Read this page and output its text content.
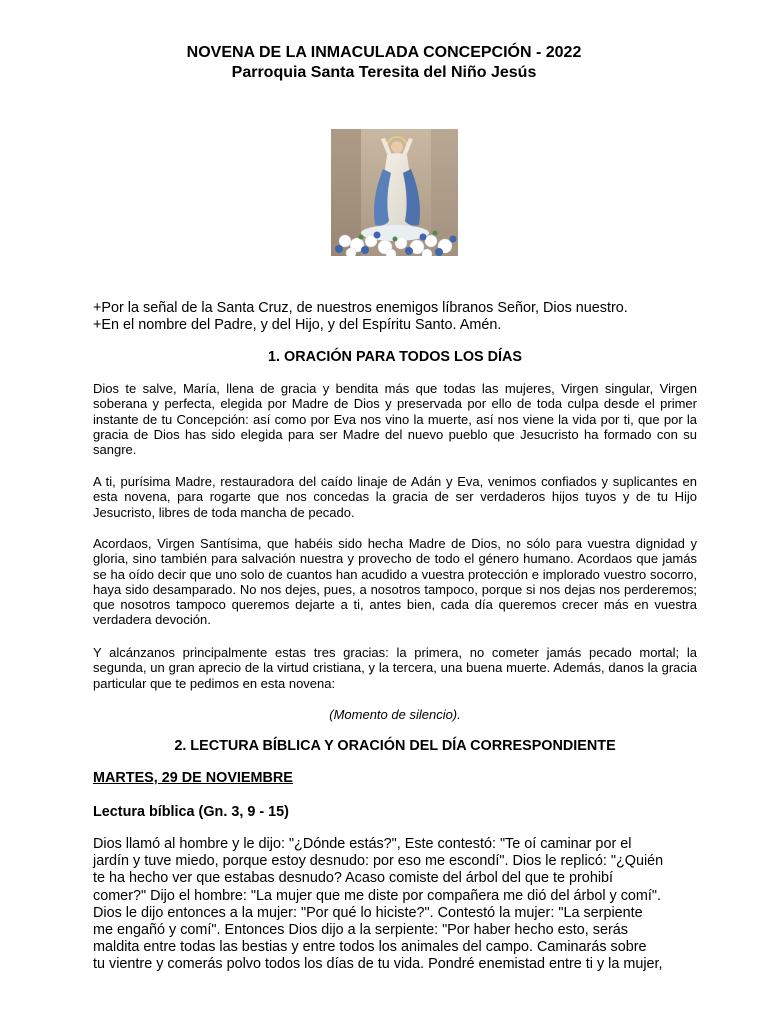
NOVENA DE LA INMACULADA CONCEPCIÓN - 2022
Parroquia Santa Teresita del Niño Jesús
+Por la señal de la Santa Cruz, de nuestros enemigos líbranos Señor, Dios nuestro.
+En el nombre del Padre, y del Hijo, y del Espíritu Santo. Amén.
1. ORACIÓN PARA TODOS LOS DÍAS
Dios te salve, María, llena de gracia y bendita más que todas las mujeres, Virgen singular, Virgen soberana y perfecta, elegida por Madre de Dios y preservada por ello de toda culpa desde el primer instante de tu Concepción: así como por Eva nos vino la muerte, así nos viene la vida por ti, que por la gracia de Dios has sido elegida para ser Madre del nuevo pueblo que Jesucristo ha formado con su sangre.
A ti, purísima Madre, restauradora del caído linaje de Adán y Eva, venimos confiados y suplicantes en esta novena, para rogarte que nos concedas la gracia de ser verdaderos hijos tuyos y de tu Hijo Jesucristo, libres de toda mancha de pecado.
Acordaos, Virgen Santísima, que habéis sido hecha Madre de Dios, no sólo para vuestra dignidad y gloria, sino también para salvación nuestra y provecho de todo el género humano. Acordaos que jamás se ha oído decir que uno solo de cuantos han acudido a vuestra protección e implorado vuestro socorro, haya sido desamparado. No nos dejes, pues, a nosotros tampoco, porque si nos dejas nos perderemos; que nosotros tampoco queremos dejarte a ti, antes bien, cada día queremos crecer más en vuestra verdadera devoción.
Y alcánzanos principalmente estas tres gracias: la primera, no cometer jamás pecado mortal; la segunda, un gran aprecio de la virtud cristiana, y la tercera, una buena muerte. Además, danos la gracia particular que te pedimos en esta novena:
(Momento de silencio).
2. LECTURA BÍBLICA Y ORACIÓN DEL DÍA CORRESPONDIENTE
MARTES, 29 DE NOVIEMBRE
Lectura bíblica (Gn. 3, 9 - 15)
Dios llamó al hombre y le dijo: "¿Dónde estás?", Este contestó: "Te oí caminar por el
jardín y tuve miedo, porque estoy desnudo: por eso me escondí". Dios le replicó: "¿Quién
te ha hecho ver que estabas desnudo? Acaso comiste del árbol del que te prohibí
comer?" Dijo el hombre: "La mujer que me diste por compañera me dió del árbol y comí".
Dios le dijo entonces a la mujer: "Por qué lo hiciste?". Contestó la mujer: "La serpiente
me engañó y comí". Entonces Dios dijo a la serpiente: "Por haber hecho esto, serás
maldita entre todas las bestias y entre todos los animales del campo. Caminarás sobre
tu vientre y comerás polvo todos los días de tu vida. Pondré enemistad entre ti y la mujer,
